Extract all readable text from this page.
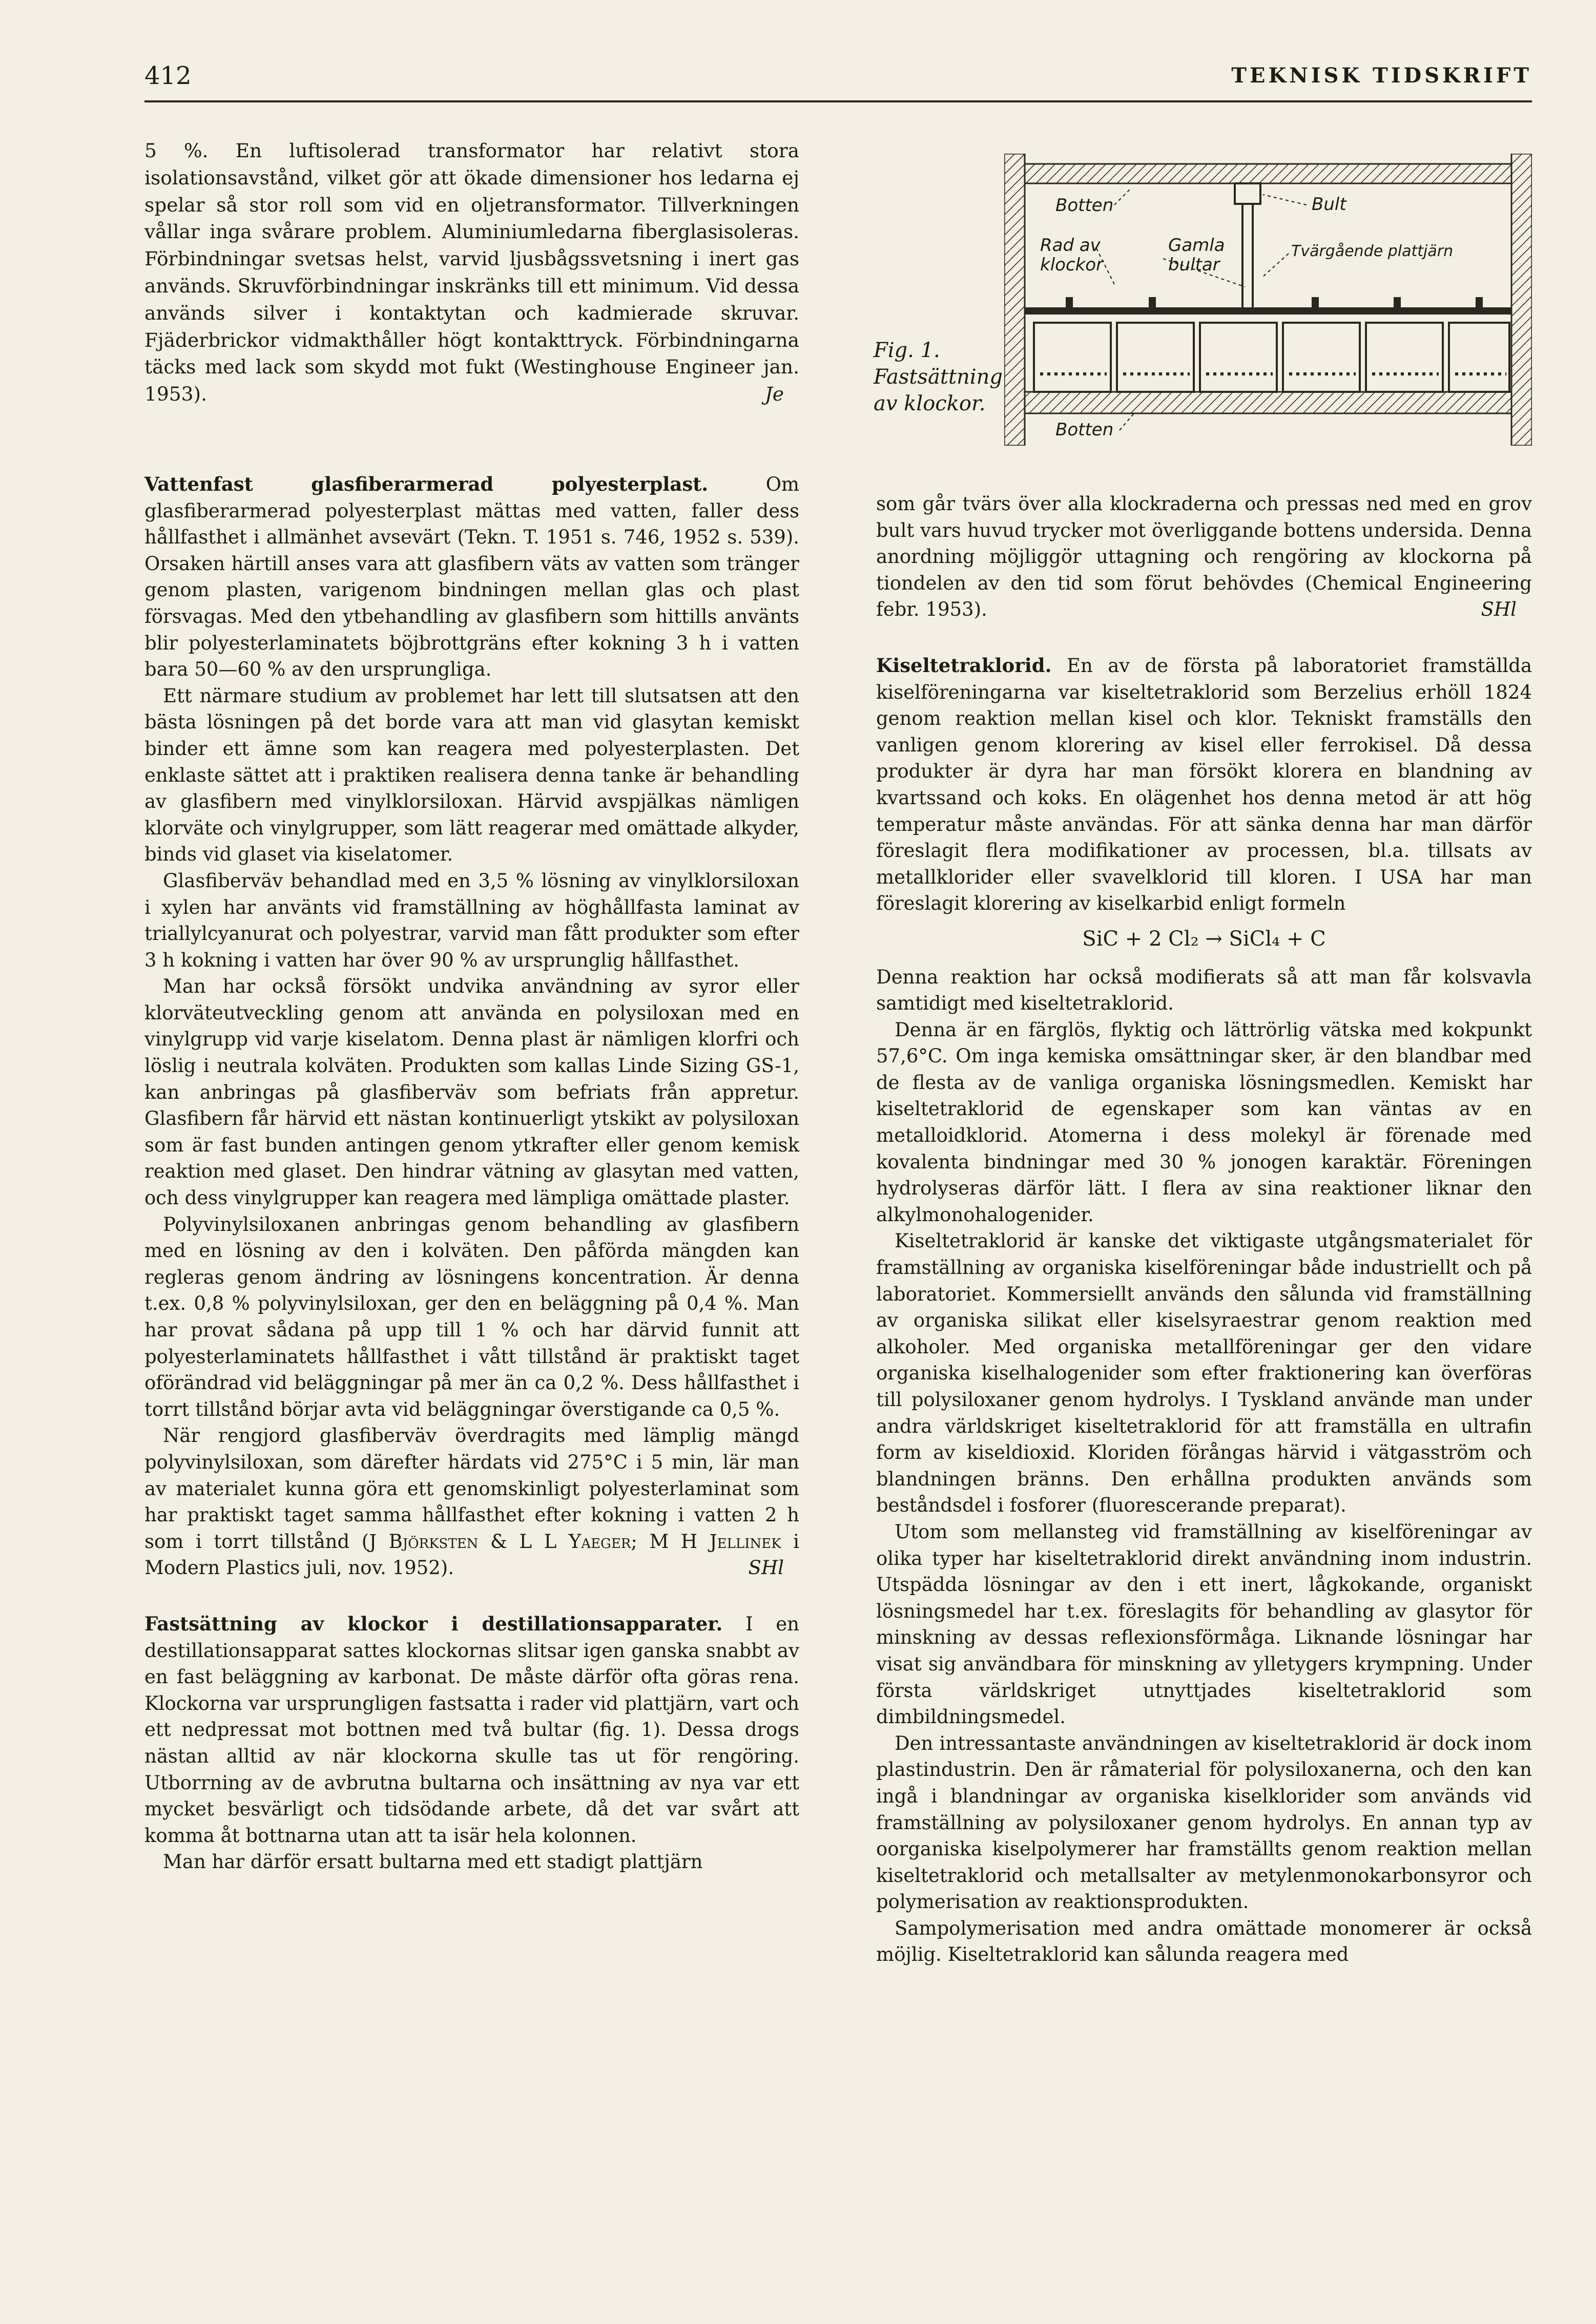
412	TEKNISK TIDSKRIFT

5 %. En luftisolerad transformator har relativt stora isolationsavstånd, vilket gör att ökade dimensioner hos ledarna ej spelar så stor roll som vid en oljetransformator. Tillverkningen vållar inga svårare problem. Aluminiumledarna fiberglasisoleras. Förbindningar svetsas helst, varvid ljusbågssvetsning i inert gas används. Skruvförbindningar inskränks till ett minimum. Vid dessa används silver i kontaktytan och kadmierade skruvar. Fjäderbrickor vidmakthåller högt kontakttryck. Förbindningarna täcks med lack som skydd mot fukt (Westinghouse Engineer jan. 1953).	Je

Vattenfast glasfiberarmerad polyesterplast.	Om glasfiberarmerad polyesterplast mättas med vatten, faller dess hållfasthet i allmänhet avsevärt (Tekn. T. 1951 s. 746, 1952 s. 539). Orsaken härtill anses vara att glasfibern väts av vatten som tränger genom plasten, varigenom bindningen mellan glas och plast försvagas. Med den ytbehandling av glasfibern som hittills använts blir polyesterlaminatets böjbrottgräns efter kokning 3 h i vatten bara 50—60 % av den ursprungliga.

Ett närmare studium av problemet har lett till slutsatsen att den bästa lösningen på det borde vara att man vid glasytan kemiskt binder ett ämne som kan reagera med polyesterplasten. Det enklaste sättet att i praktiken realisera denna tanke är behandling av glasfibern med vinylklorsiloxan. Härvid avspjälkas nämligen klorväte och vinylgrupper, som lätt reagerar med omättade alkyder, binds vid glaset via kiselatomer.

Glasfiberväv behandlad med en 3,5 % lösning av vinylklorsiloxan i xylen har använts vid framställning av höghållfasta laminat av triallylcyanurat och polyestrar, varvid man fått produkter som efter 3 h kokning i vatten har över 90 % av ursprunglig hållfasthet.

Man har också försökt undvika användning av syror eller klorväteutveckling genom att använda en polysiloxan med en vinylgrupp vid varje kiselatom. Denna plast är nämligen klorfri och löslig i neutrala kolväten. Produkten som kallas Linde Sizing GS-1, kan anbringas på glasfiberväv som befriats från appretur. Glasfibern får härvid ett nästan kontinuerligt ytskikt av polysiloxan som är fast bunden antingen genom ytkrafter eller genom kemisk reaktion med glaset. Den hindrar vätning av glasytan med vatten, och dess vinylgrupper kan reagera med lämpliga omättade plaster.

Polyvinylsiloxanen anbringas genom behandling av glasfibern med en lösning av den i kolväten. Den påförda mängden kan regleras genom ändring av lösningens koncentration. Är denna t.ex. 0,8 % polyvinylsiloxan, ger den en beläggning på 0,4 %. Man har provat sådana på upp till 1 % och har därvid funnit att polyesterlaminatets hållfasthet i vått tillstånd är praktiskt taget oförändrad vid beläggningar på mer än ca 0,2 %. Dess hållfasthet i torrt tillstånd börjar avta vid beläggningar överstigande ca 0,5 %.

När rengjord glasfiberväv överdragits med lämplig mängd polyvinylsiloxan, som därefter härdats vid 275°C i 5 min, lär man av materialet kunna göra ett genomskinligt polyesterlaminat som har praktiskt taget samma hållfasthet efter kokning i vatten 2 h som i torrt tillstånd (J Björksten & L L Yaeger; M H Jellinek i Modern Plastics juli, nov. 1952).	SHl

Fastsättning av klockor i destillationsapparater. I en destillationsapparat sattes klockornas slitsar igen ganska snabbt av en fast beläggning av karbonat. De måste därför ofta göras rena. Klockorna var ursprungligen fastsatta i rader vid plattjärn, vart och ett nedpressat mot bottnen med två bultar (fig. 1). Dessa drogs nästan alltid av när klockorna skulle tas ut för rengöring. Utborrning av de avbrutna bultarna och insättning av nya var ett mycket besvärligt och tidsödande arbete, då det var svårt att komma åt bottnarna utan att ta isär hela kolonnen.

Man har därför ersatt bultarna med ett stadigt plattjärn

Fig. 1. Fastsättning av klockor.
Botten	Bult
Rad av
klockor
Gamla
bultar
Tvärgående plattjärn
Botten

som går tvärs över alla klockraderna och pressas ned med en grov bult vars huvud trycker mot överliggande bottens undersida. Denna anordning möjliggör uttagning och rengöring av klockorna på tiondelen av den tid som förut behövdes (Chemical Engineering febr. 1953).	SHl

Kiseltetraklorid. En av de första på laboratoriet framställda kiselföreningarna var kiseltetraklorid som Berzelius erhöll 1824 genom reaktion mellan kisel och klor. Tekniskt framställs den vanligen genom klorering av kisel eller ferrokisel. Då dessa produkter är dyra har man försökt klorera en blandning av kvartssand och koks. En olägenhet hos denna metod är att hög temperatur måste användas. För att sänka denna har man därför föreslagit flera modifikationer av processen, bl.a. tillsats av metallklorider eller svavelklorid till kloren. I USA har man föreslagit klorering av kiselkarbid enligt formeln

SiC + 2 Cl₂ → SiCl₄ + C

Denna reaktion har också modifierats så att man får kolsvavla samtidigt med kiseltetraklorid.

Denna är en färglös, flyktig och lättrörlig vätska med kokpunkt 57,6°C. Om inga kemiska omsättningar sker, är den blandbar med de flesta av de vanliga organiska lösningsmedlen. Kemiskt har kiseltetraklorid de egenskaper som kan väntas av en metalloidklorid. Atomerna i dess molekyl är förenade med kovalenta bindningar med 30 % jonogen karaktär. Föreningen hydrolyseras därför lätt. I flera av sina reaktioner liknar den alkylmonohalogenider.

Kiseltetraklorid är kanske det viktigaste utgångsmaterialet för framställning av organiska kiselföreningar både industriellt och på laboratoriet. Kommersiellt används den sålunda vid framställning av organiska silikat eller kiselsyraestrar genom reaktion med alkoholer. Med organiska metallföreningar ger den vidare organiska kiselhalogenider som efter fraktionering kan överföras till polysiloxaner genom hydrolys. I Tyskland använde man under andra världskriget kiseltetraklorid för att framställa en ultrafin form av kiseldioxid. Kloriden förångas härvid i vätgasström och blandningen bränns. Den erhållna produkten används som beståndsdel i fosforer (fluorescerande preparat).

Utom som mellansteg vid framställning av kiselföreningar av olika typer har kiseltetraklorid direkt användning inom industrin. Utspädda lösningar av den i ett inert, lågkokande, organiskt lösningsmedel har t.ex. föreslagits för behandling av glasytor för minskning av dessas reflexionsförmåga. Liknande lösningar har visat sig användbara för minskning av ylletygers krympning. Under första världskriget utnyttjades kiseltetraklorid som dimbildningsmedel.

Den intressantaste användningen av kiseltetraklorid är dock inom plastindustrin. Den är råmaterial för polysiloxanerna, och den kan ingå i blandningar av organiska kiselklorider som används vid framställning av polysiloxaner genom hydrolys. En annan typ av oorganiska kiselpolymerer har framställts genom reaktion mellan kiseltetraklorid och metallsalter av metylenmonokarbonsyror och polymerisation av reaktionsprodukten.

Sampolymerisation med andra omättade monomerer är också möjlig. Kiseltetraklorid kan sålunda reagera med
